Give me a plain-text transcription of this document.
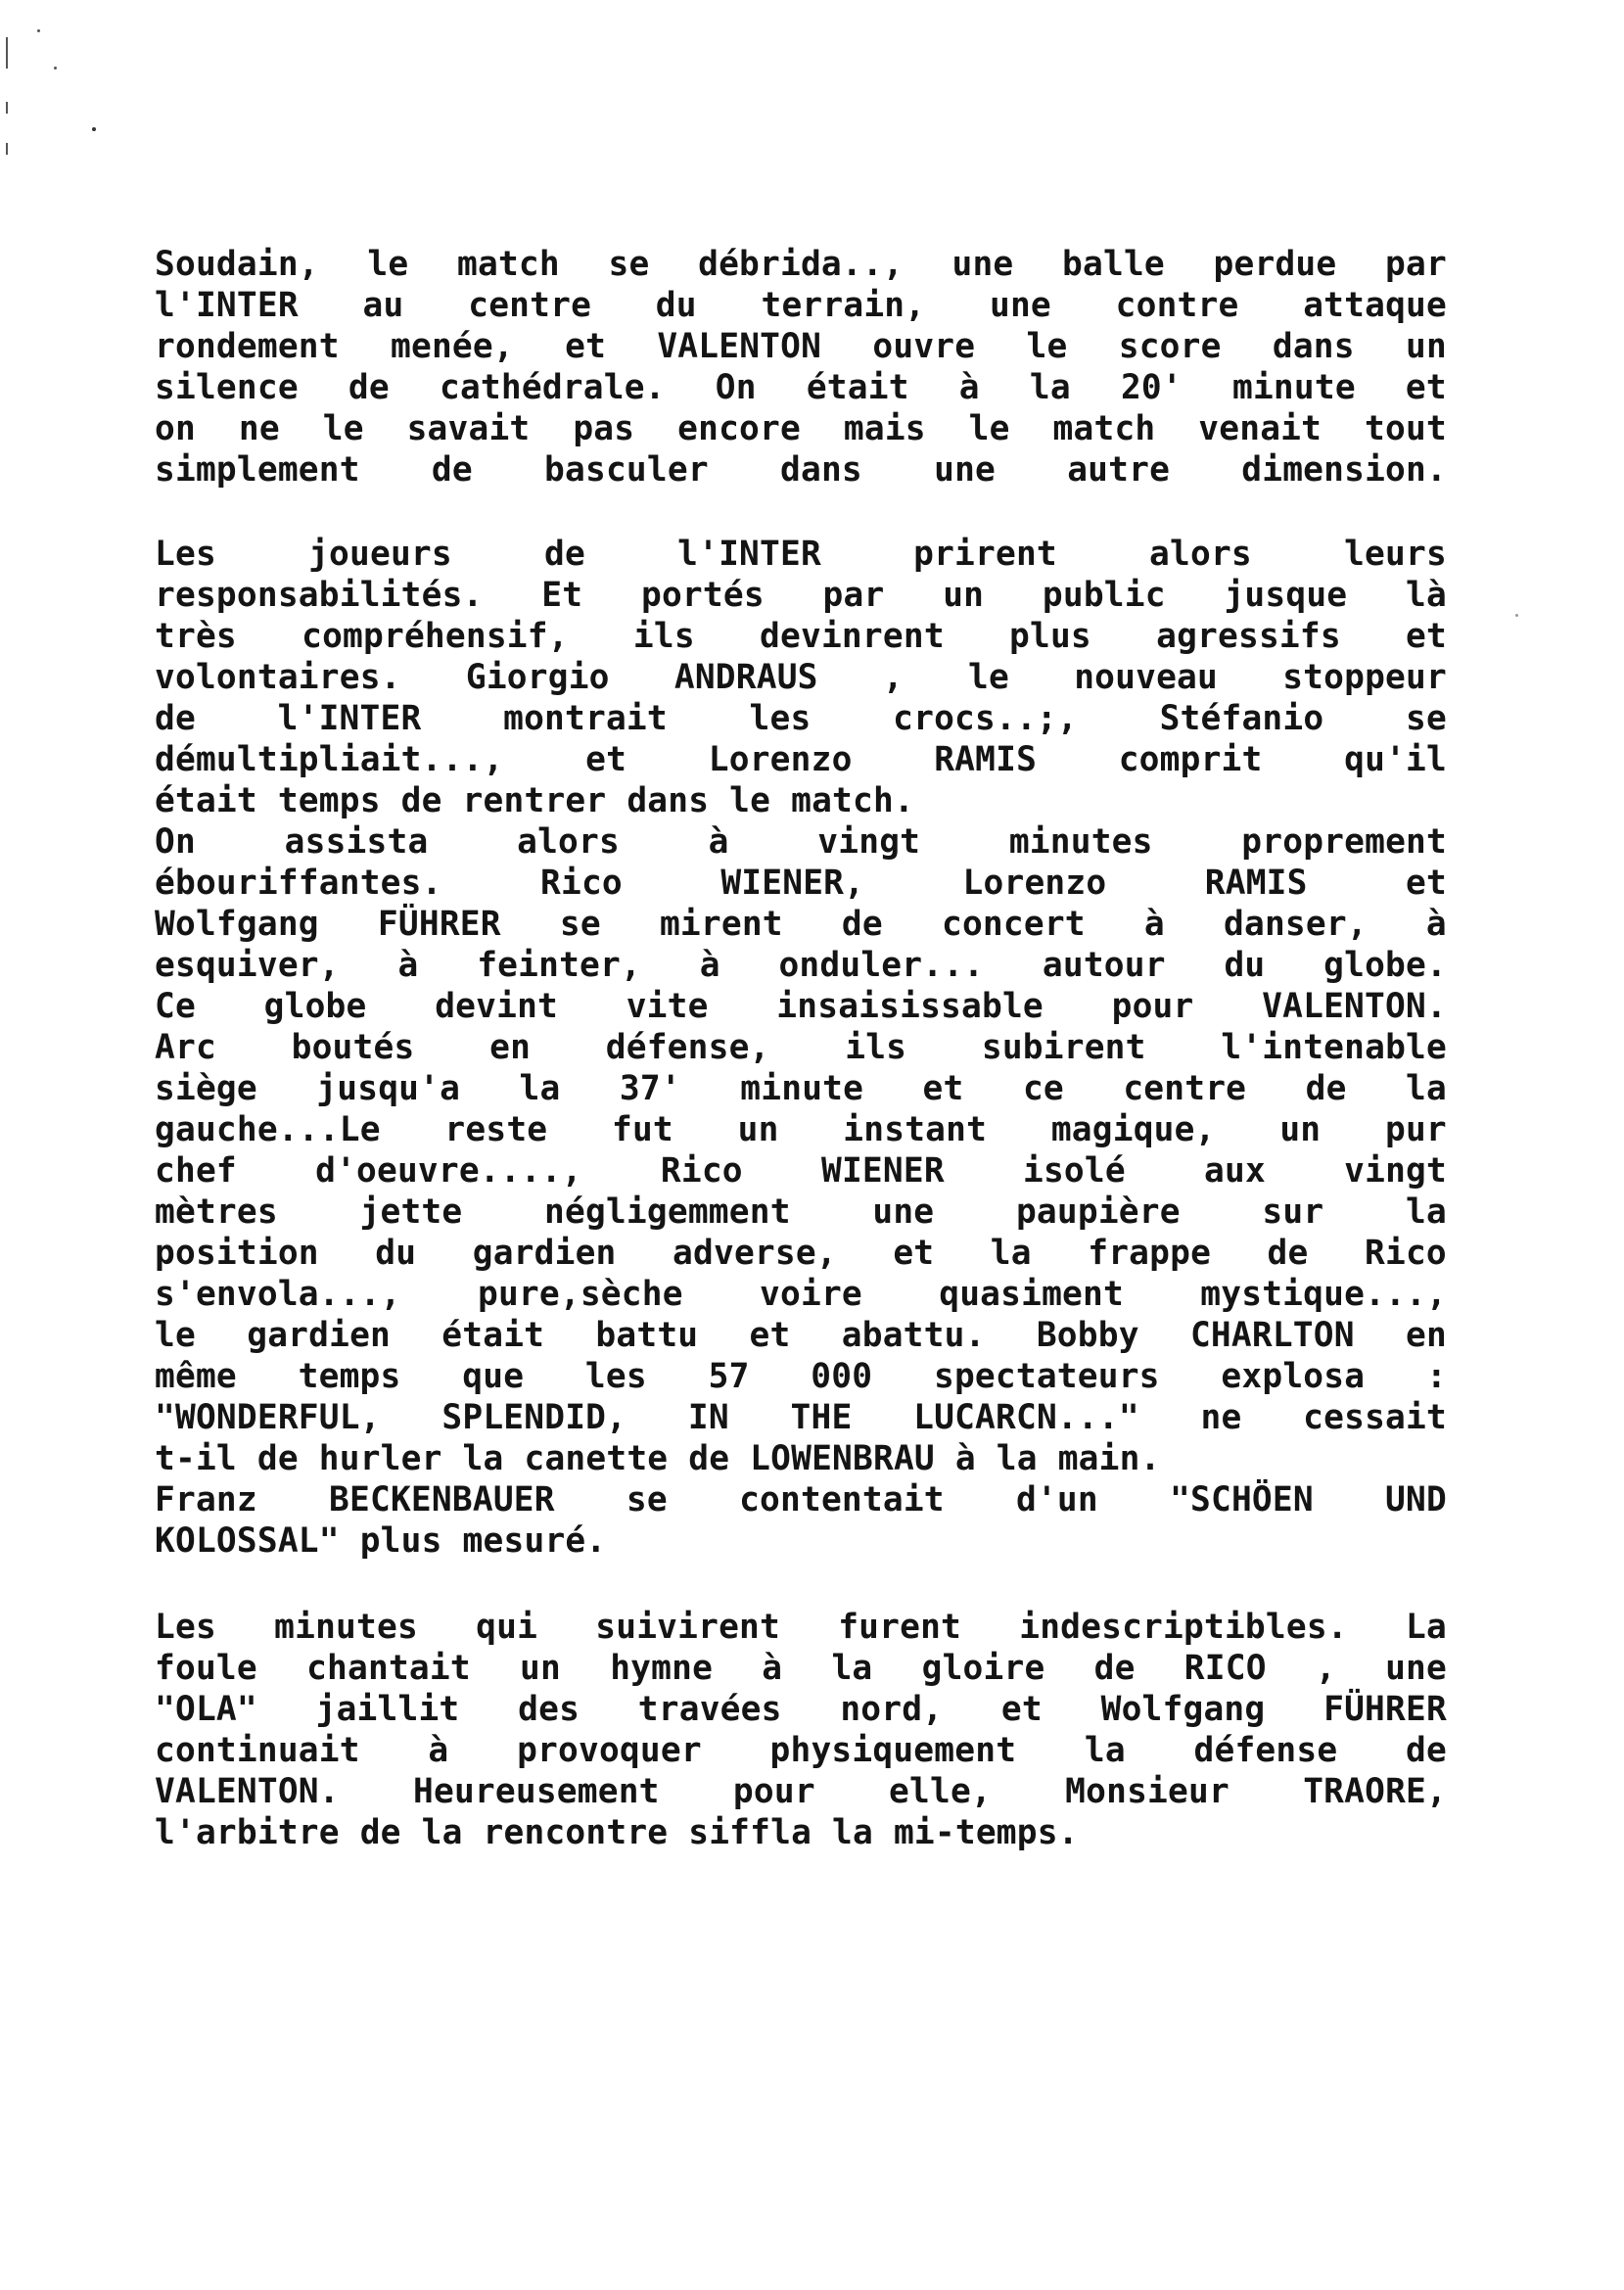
Soudain, le match se débrida.., une balle perdue par
l'INTER au centre du terrain, une contre attaque
rondement menée, et VALENTON ouvre le score dans un
silence de cathédrale. On était à la 20' minute et
on ne le savait pas encore mais le match venait tout
simplement de basculer dans une autre dimension.
Les	joueurs	de	l'INTER	prirent	alors	leurs
responsabilités. Et portés par un public jusque là
très compréhensif, ils devinrent plus agressifs et
volontaires. Giorgio ANDRAUS , le nouveau stoppeur
de l'INTER montrait les crocs..;, Stéfanio se
démultipliait..., et Lorenzo RAMIS comprit qu'il
était temps de rentrer dans le match.
On	assista	alors	à	vingt	minutes	proprement
ébouriffantes.	Rico	WIENER,	Lorenzo	RAMIS	et
Wolfgang FÜHRER se mirent de concert à danser, à
esquiver, à feinter, à onduler... autour du globe.
Ce globe devint vite insaisissable pour VALENTON.
Arc boutés en défense, ils subirent l'intenable
siège jusqu'a la 37' minute et ce centre de la
gauche...Le reste fut un instant magique, un pur
chef d'oeuvre...., Rico WIENER isolé aux vingt
mètres jette négligemment une paupière sur la
position du gardien adverse, et la frappe de Rico
s'envola..., pure,sèche voire quasiment mystique...,
le gardien était battu et abattu. Bobby CHARLTON en
même temps que les 57 000 spectateurs explosa :
"WONDERFUL, SPLENDID, IN THE LUCARCN..." ne cessait
t-il de hurler la canette de LOWENBRAU à la main.
Franz BECKENBAUER se contentait d'un "SCHÖEN UND
KOLOSSAL" plus mesuré.
Les minutes qui suivirent furent indescriptibles. La
foule chantait un hymne à la gloire de RICO , une
"OLA" jaillit des travées nord, et Wolfgang FÜHRER
continuait à provoquer physiquement la défense de
VALENTON. Heureusement pour elle, Monsieur TRAORE,
l'arbitre de la rencontre siffla la mi-temps.
